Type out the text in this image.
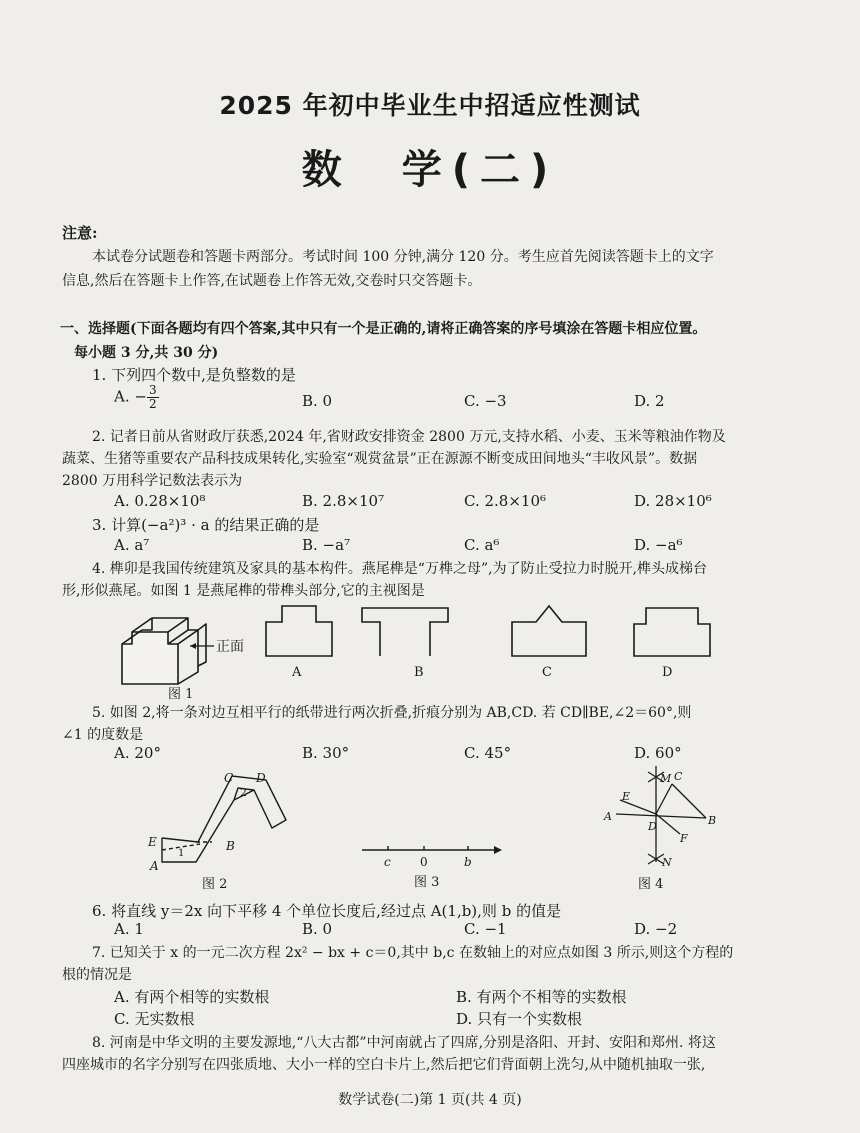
2025 年初中毕业生中招适应性测试
数　学(二)
注意:
本试卷分试题卷和答题卡两部分。考试时间 100 分钟,满分 120 分。考生应首先阅读答题卡上的文字
信息,然后在答题卡上作答,在试题卷上作答无效,交卷时只交答题卡。
一、选择题(下面各题均有四个答案,其中只有一个是正确的,请将正确答案的序号填涂在答题卡相应位置。
每小题 3 分,共 30 分)
1. 下列四个数中,是负整数的是
A. − $\frac{3}{2}$	B. 0	C. −3	D. 2
2. 记者日前从省财政厅获悉,2024 年,省财政安排资金 2800 万元,支持水稻、小麦、玉米等粮油作物及
蔬菜、生猪等重要农产品科技成果转化,实验室“观赏盆景”正在源源不断变成田间地头“丰收风景”。数据
2800 万用科学记数法表示为
A. 0.28×10⁸	B. 2.8×10⁷	C. 2.8×10⁶	D. 28×10⁶
3. 计算(−a²)³ · a 的结果正确的是
A. a⁷	B. −a⁷	C. a⁶	D. −a⁶
4. 榫卯是我国传统建筑及家具的基本构件。燕尾榫是“万榫之母”,为了防止受拉力时脱开,榫头成梯台
形,形似燕尾。如图 1 是燕尾榫的带榫头部分,它的主视图是
正面
图 1
A	B	C	D
5. 如图 2,将一条对边互相平行的纸带进行两次折叠,折痕分别为 AB,CD. 若 CD∥BE,∠2＝60°,则
∠1 的度数是
A. 20°	B. 30°	C. 45°	D. 60°
C D
2
E
1
B
A
图 2
c 0	b
图 3
M C
E
A
D	B
F
N
图 4
6. 将直线 y＝2x 向下平移 4 个单位长度后,经过点 A(1,b),则 b 的值是
A. 1	B. 0	C. −1	D. −2
7. 已知关于 x 的一元二次方程 2x² − bx + c＝0,其中 b,c 在数轴上的对应点如图 3 所示,则这个方程的
根的情况是
A. 有两个相等的实数根	B. 有两个不相等的实数根
C. 无实数根	D. 只有一个实数根
8. 河南是中华文明的主要发源地,“八大古都”中河南就占了四席,分别是洛阳、开封、安阳和郑州. 将这
四座城市的名字分别写在四张质地、大小一样的空白卡片上,然后把它们背面朝上洗匀,从中随机抽取一张,
数学试卷(二)第 1 页(共 4 页)
